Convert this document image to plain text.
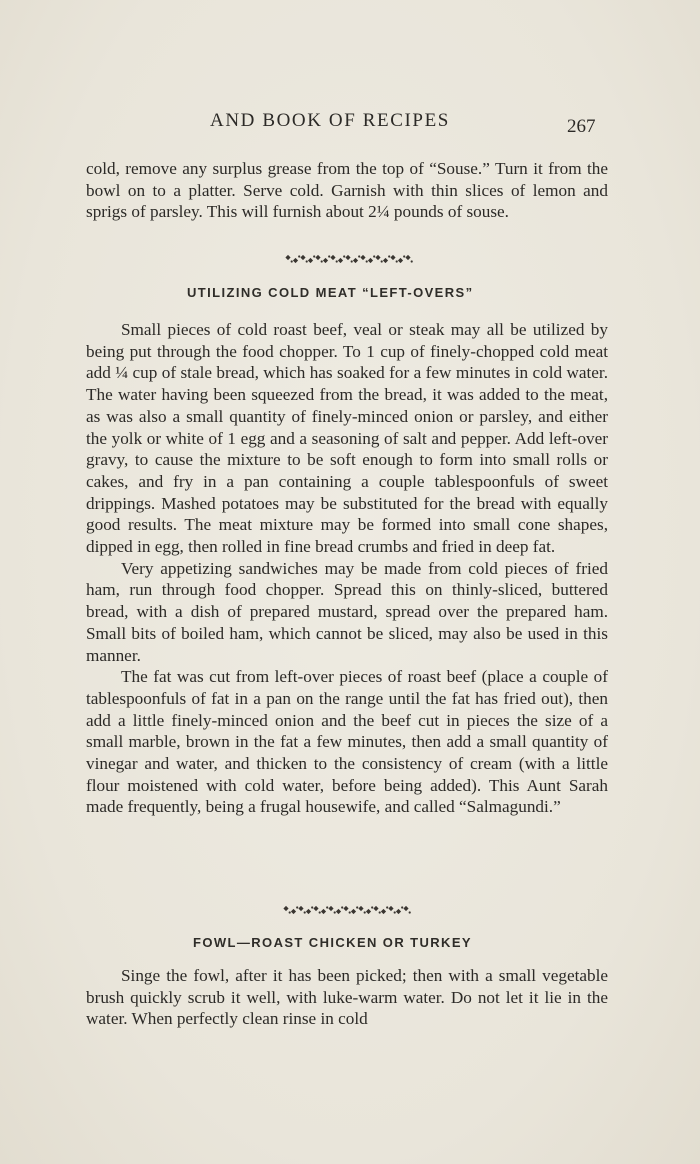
AND BOOK OF RECIPES	267

cold, remove any surplus grease from the top of “Souse.” Turn it from the bowl on to a platter. Serve cold. Garnish with thin slices of lemon and sprigs of parsley. This will furnish about 2¼ pounds of souse.

UTILIZING COLD MEAT “LEFT-OVERS”

Small pieces of cold roast beef, veal or steak may all be utilized by being put through the food chopper. To 1 cup of finely-chopped cold meat add ¼ cup of stale bread, which has soaked for a few minutes in cold water. The water having been squeezed from the bread, it was added to the meat, as was also a small quantity of finely-minced onion or parsley, and either the yolk or white of 1 egg and a seasoning of salt and pepper. Add left-over gravy, to cause the mixture to be soft enough to form into small rolls or cakes, and fry in a pan containing a couple tablespoonfuls of sweet drippings. Mashed potatoes may be substituted for the bread with equally good results. The meat mixture may be formed into small cone shapes, dipped in egg, then rolled in fine bread crumbs and fried in deep fat.

Very appetizing sandwiches may be made from cold pieces of fried ham, run through food chopper. Spread this on thinly-sliced, buttered bread, with a dish of prepared mustard, spread over the prepared ham. Small bits of boiled ham, which cannot be sliced, may also be used in this manner.

The fat was cut from left-over pieces of roast beef (place a couple of tablespoonfuls of fat in a pan on the range until the fat has fried out), then add a little finely-minced onion and the beef cut in pieces the size of a small marble, brown in the fat a few minutes, then add a small quantity of vinegar and water, and thicken to the consistency of cream (with a little flour moistened with cold water, before being added). This Aunt Sarah made frequently, being a frugal housewife, and called “Salmagundi.”

FOWL—ROAST CHICKEN OR TURKEY

Singe the fowl, after it has been picked; then with a small vegetable brush quickly scrub it well, with luke-warm water. Do not let it lie in the water. When perfectly clean rinse in cold
